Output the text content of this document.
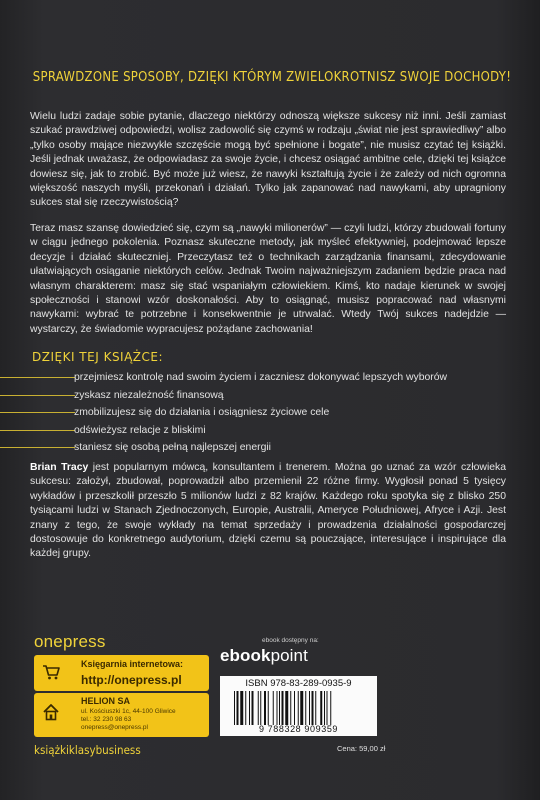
SPRAWDZONE SPOSOBY, DZIĘKI KTÓRYM ZWIELOKROTNISZ SWOJE DOCHODY!

Wielu ludzi zadaje sobie pytanie, dlaczego niektórzy odnoszą większe sukcesy niż inni. Jeśli zamiast szukać prawdziwej odpowiedzi, wolisz zadowolić się czymś w rodzaju „świat nie jest sprawiedliwy” albo „tylko osoby mające niezwykłe szczęście mogą być spełnione i bogate”, nie musisz czytać tej książki. Jeśli jednak uważasz, że odpowiadasz za swoje życie, i chcesz osiągać ambitne cele, dzięki tej książce dowiesz się, jak to zrobić. Być może już wiesz, że nawyki kształtują życie i że zależy od nich ogromna większość naszych myśli, przekonań i działań. Tylko jak zapanować nad nawykami, aby upragniony sukces stał się rzeczywistością?

Teraz masz szansę dowiedzieć się, czym są „nawyki milionerów” — czyli ludzi, którzy zbudowali fortuny w ciągu jednego pokolenia. Poznasz skuteczne metody, jak myśleć efektywniej, podejmować lepsze decyzje i działać skuteczniej. Przeczytasz też o technikach zarządzania finansami, zdecydowanie ułatwiających osiąganie niektórych celów. Jednak Twoim najważniejszym zadaniem będzie praca nad własnym charakterem: masz się stać wspaniałym człowiekiem. Kimś, kto nadaje kierunek w swojej społeczności i stanowi wzór doskonałości. Aby to osiągnąć, musisz popracować nad własnymi nawykami: wybrać te potrzebne i konsekwentnie je utrwalać. Wtedy Twój sukces nadejdzie — wystarczy, że świadomie wypracujesz pożądane zachowania!

DZIĘKI TEJ KSIĄŻCE:
przejmiesz kontrolę nad swoim życiem i zaczniesz dokonywać lepszych wyborów
zyskasz niezależność finansową
zmobilizujesz się do działania i osiągniesz życiowe cele
odświeżysz relacje z bliskimi
staniesz się osobą pełną najlepszej energii

Brian Tracy jest popularnym mówcą, konsultantem i trenerem. Można go uznać za wzór człowieka sukcesu: założył, zbudował, poprowadził albo przemienił 22 różne firmy. Wygłosił ponad 5 tysięcy wykładów i przeszkolił przeszło 5 milionów ludzi z 82 krajów. Każdego roku spotyka się z blisko 250 tysiącami ludzi w Stanach Zjednoczonych, Europie, Australii, Ameryce Południowej, Afryce i Azji. Jest znany z tego, że swoje wykłady na temat sprzedaży i prowadzenia działalności gospodarczej dostosowuje do konkretnego audytorium, dzięki czemu są pouczające, interesujące i inspirujące dla każdej grupy.

onepress
Księgarnia internetowa:
http://onepress.pl
HELION SA
ul. Kościuszki 1c, 44-100 Gliwice
tel.: 32 230 98 63
onepress@onepress.pl
książkiklasybusiness
ebook dostępny na:
ebookpoint
ISBN 978-83-289-0935-9
9 788328 909359
Cena: 59,00 zł
